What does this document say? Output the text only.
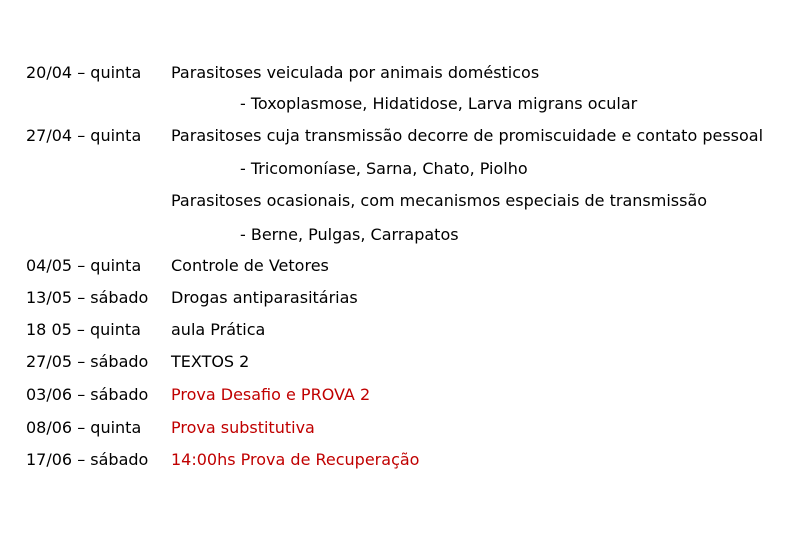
20/04 – quinta Parasitoses veiculada por animais domésticos
- Toxoplasmose, Hidatidose, Larva migrans ocular
27/04 – quinta Parasitoses cuja transmissão decorre de promiscuidade e contato pessoal
- Tricomoníase, Sarna, Chato, Piolho
Parasitoses ocasionais, com mecanismos especiais de transmissão
- Berne, Pulgas, Carrapatos
04/05 – quinta Controle de Vetores
13/05 – sábado Drogas antiparasitárias
18 05 – quinta aula Prática
27/05 – sábado TEXTOS 2
03/06 – sábado Prova Desafio e PROVA 2
08/06 – quinta Prova substitutiva
17/06 – sábado 14:00hs Prova de Recuperação
